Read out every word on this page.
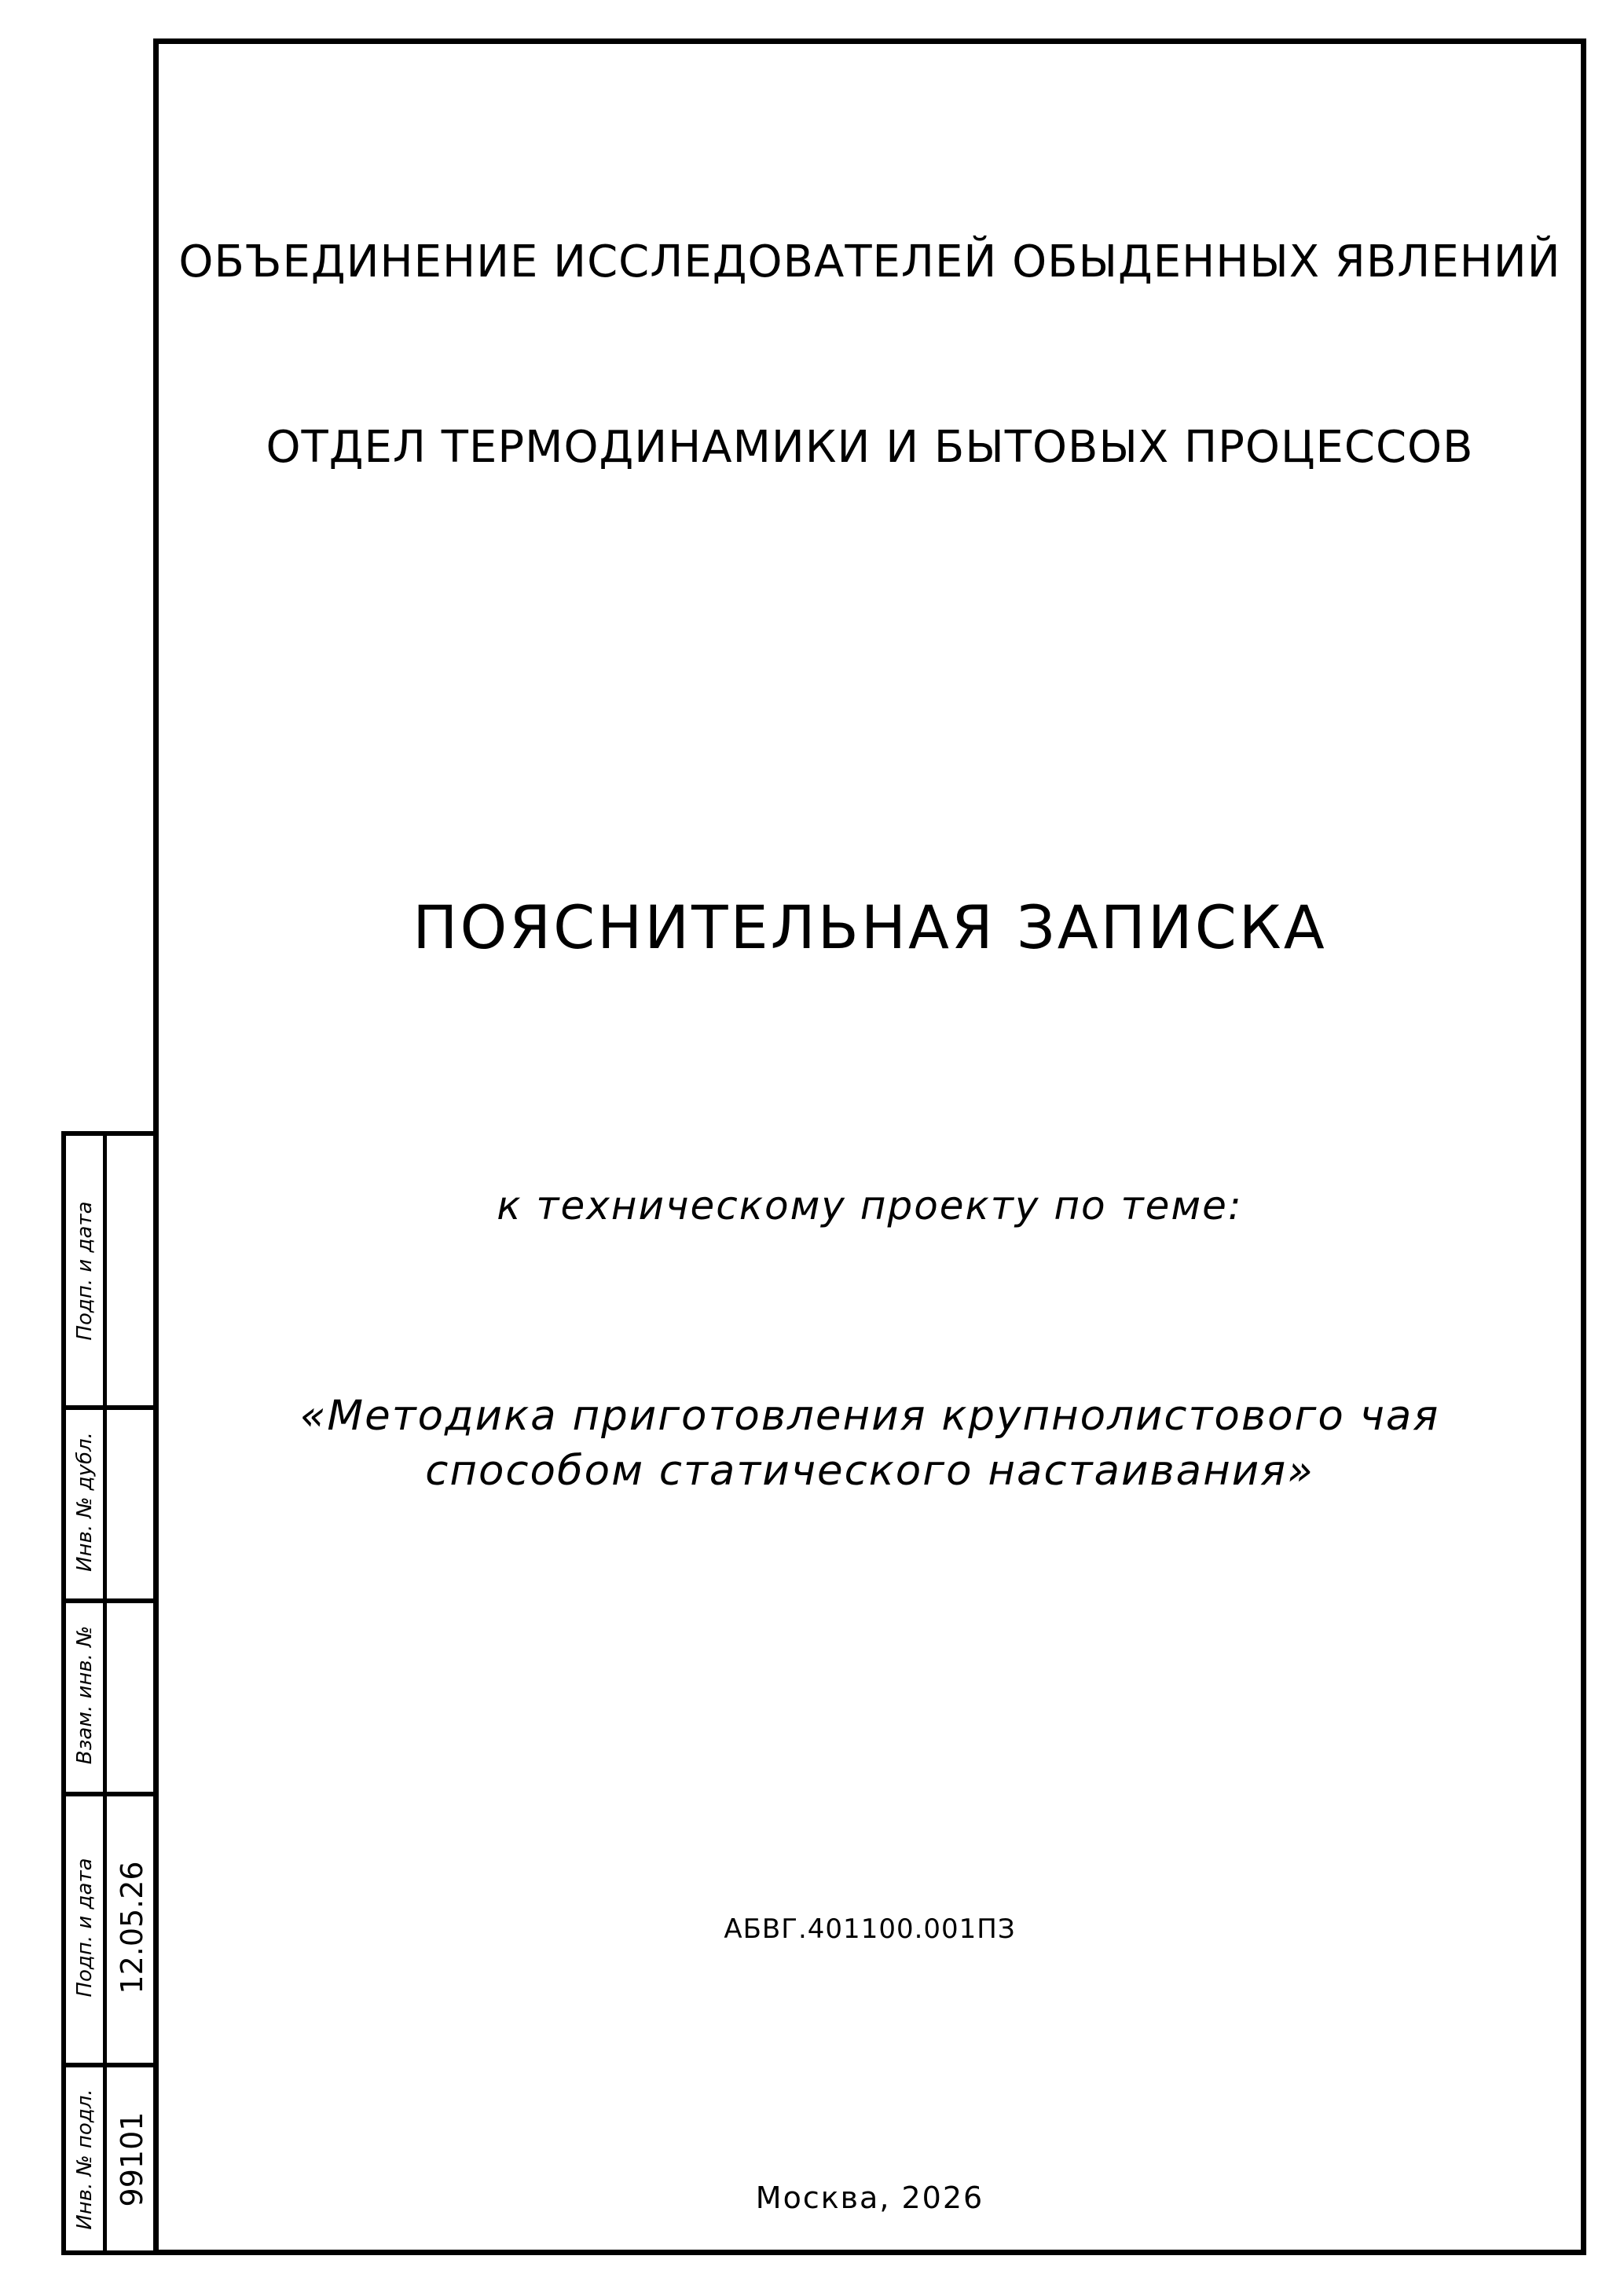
ОБЪЕДИНЕНИЕ ИССЛЕДОВАТЕЛЕЙ ОБЫДЕННЫХ ЯВЛЕНИЙ
ОТДЕЛ ТЕРМОДИНАМИКИ И БЫТОВЫХ ПРОЦЕССОВ
ПОЯСНИТЕЛЬНАЯ ЗАПИСКА
к техническому проекту по теме:
«Методика приготовления крупнолистового чая
способом статического настаивания»
АБВГ.401100.001ПЗ
Москва, 2026
Подп. и дата
Инв. № дубл.
Взам. инв. №
Подп. и дата 12.05.26
Инв. № подл. 99101
